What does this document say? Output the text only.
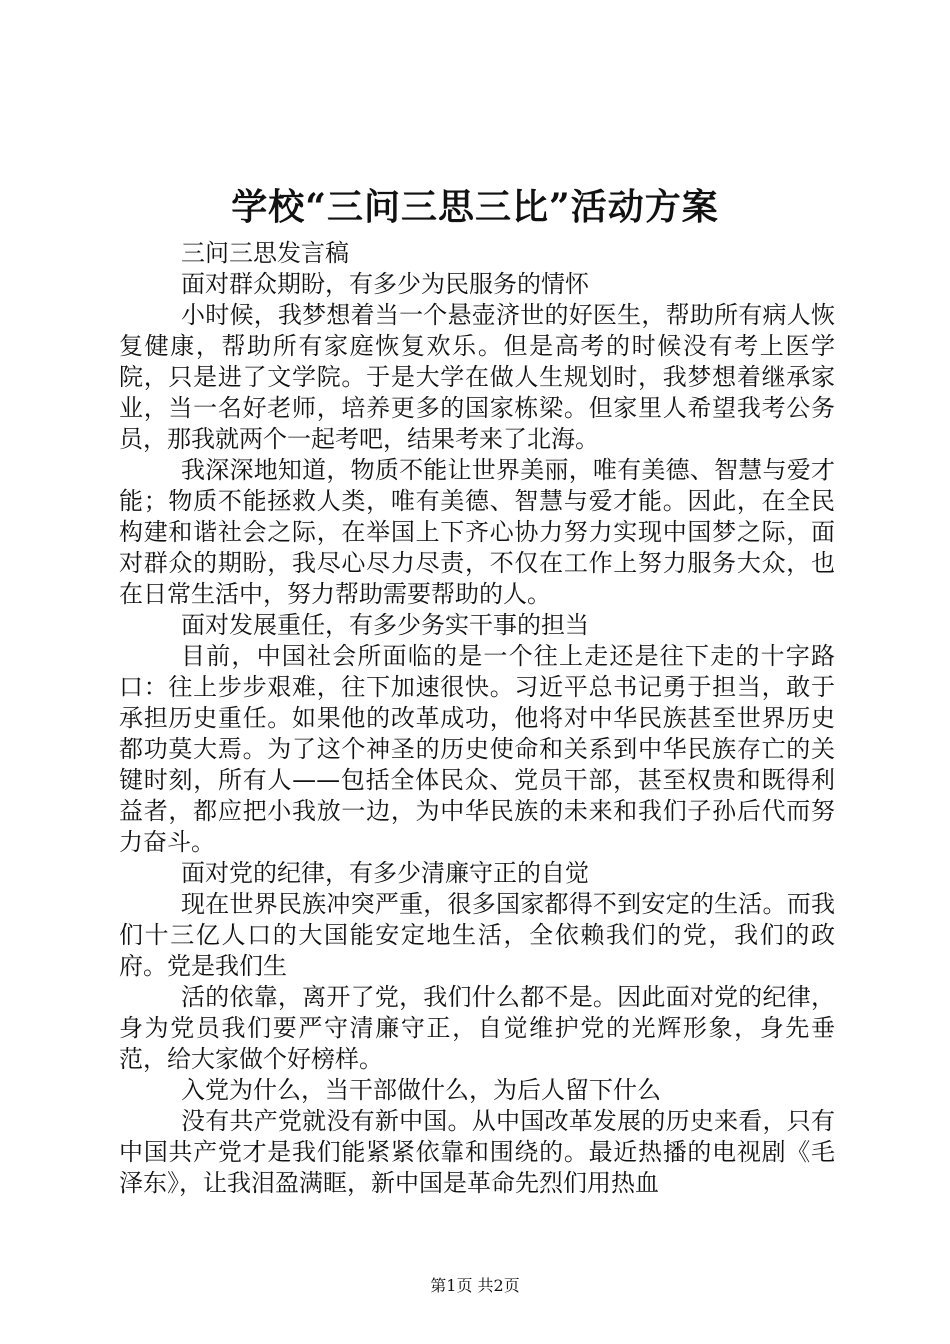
学校“三问三思三比”活动方案

三问三思发言稿

面对群众期盼，有多少为民服务的情怀

小时候，我梦想着当一个悬壶济世的好医生，帮助所有病人恢复健康，帮助所有家庭恢复欢乐。但是高考的时候没有考上医学院，只是进了文学院。于是大学在做人生规划时，我梦想着继承家业，当一名好老师，培养更多的国家栋梁。但家里人希望我考公务员，那我就两个一起考吧，结果考来了北海。

我深深地知道，物质不能让世界美丽，唯有美德、智慧与爱才能；物质不能拯救人类，唯有美德、智慧与爱才能。因此，在全民构建和谐社会之际，在举国上下齐心协力努力实现中国梦之际，面对群众的期盼，我尽心尽力尽责，不仅在工作上努力服务大众，也在日常生活中，努力帮助需要帮助的人。

面对发展重任，有多少务实干事的担当

目前，中国社会所面临的是一个往上走还是往下走的十字路口：往上步步艰难，往下加速很快。习近平总书记勇于担当，敢于承担历史重任。如果他的改革成功，他将对中华民族甚至世界历史都功莫大焉。为了这个神圣的历史使命和关系到中华民族存亡的关键时刻，所有人——包括全体民众、党员干部，甚至权贵和既得利益者，都应把小我放一边，为中华民族的未来和我们子孙后代而努力奋斗。

面对党的纪律，有多少清廉守正的自觉

现在世界民族冲突严重，很多国家都得不到安定的生活。而我们十三亿人口的大国能安定地生活，全依赖我们的党，我们的政府。党是我们生

活的依靠，离开了党，我们什么都不是。因此面对党的纪律，身为党员我们要严守清廉守正，自觉维护党的光辉形象，身先垂范，给大家做个好榜样。

入党为什么，当干部做什么，为后人留下什么

没有共产党就没有新中国。从中国改革发展的历史来看，只有中国共产党才是我们能紧紧依靠和围绕的。最近热播的电视剧《毛泽东》，让我泪盈满眶，新中国是革命先烈们用热血

第1页 共2页
